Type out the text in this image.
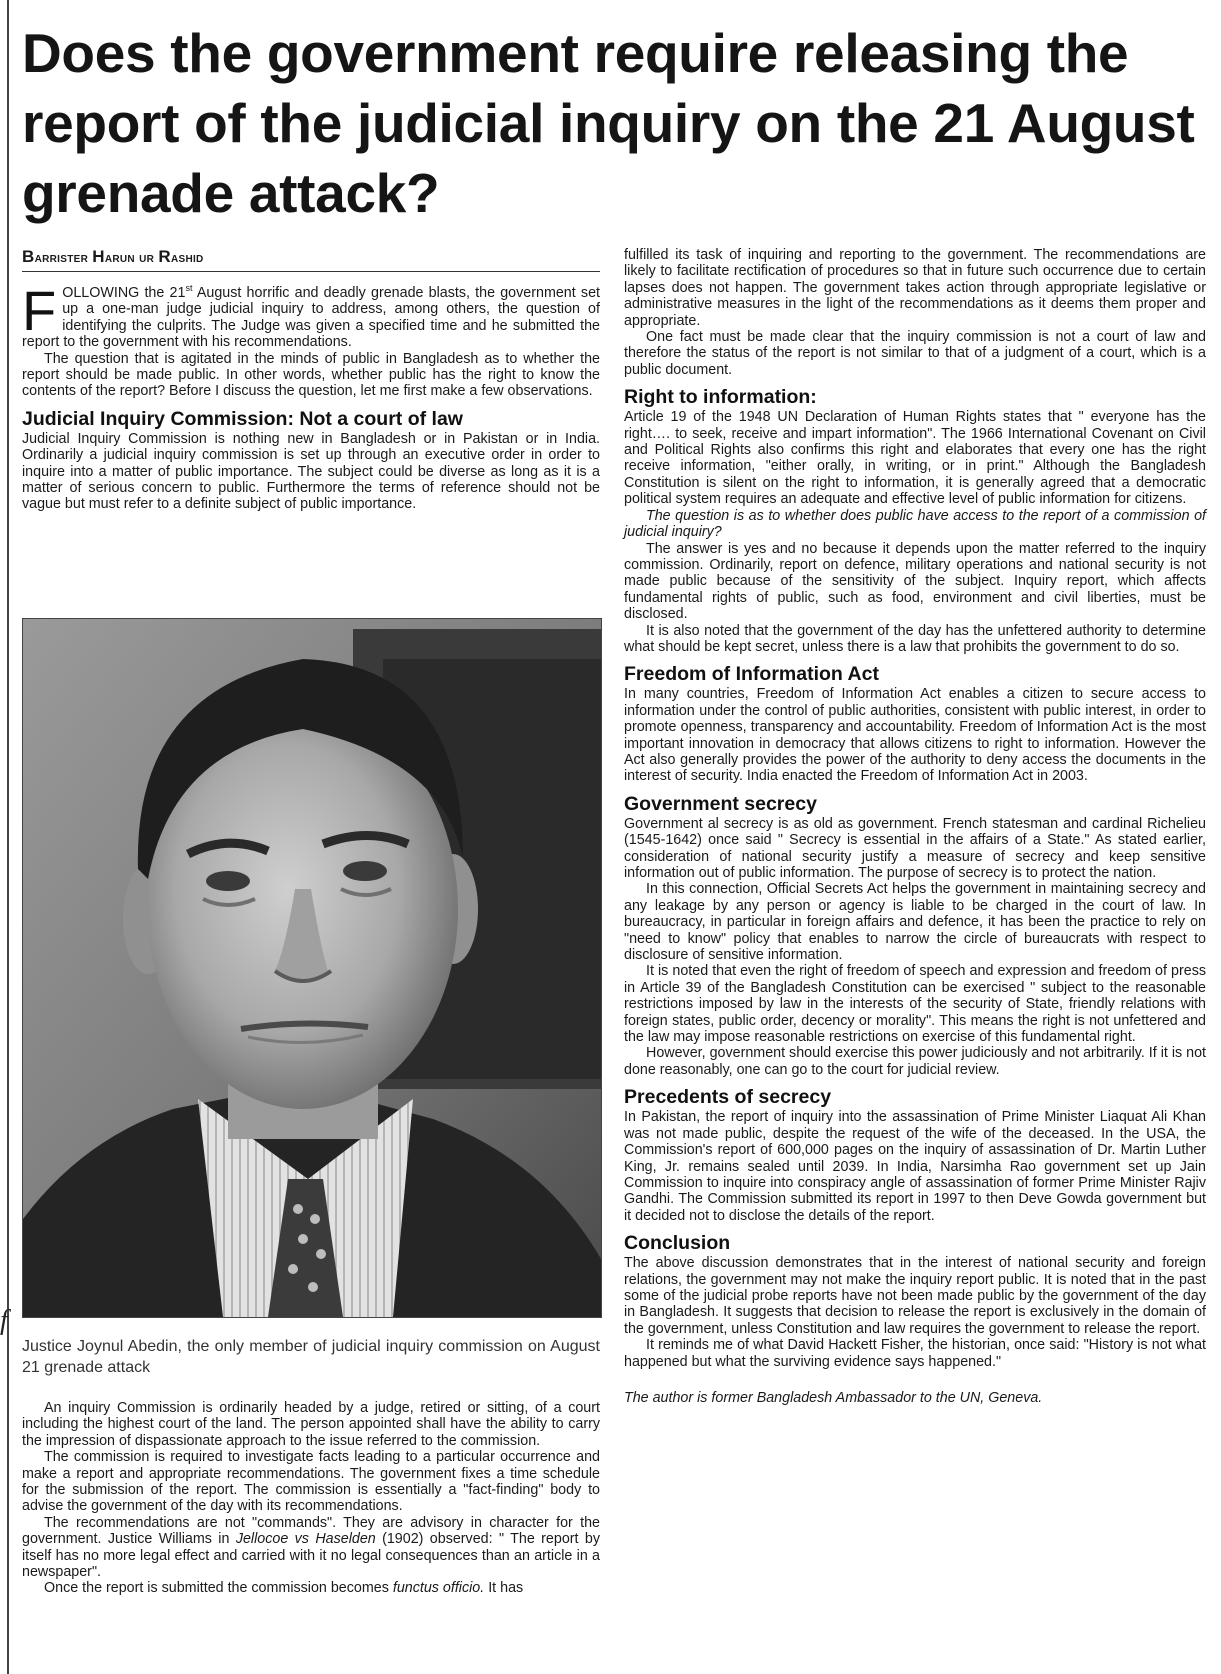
f
Does the government require releasing the report of the judicial inquiry on the 21 August grenade attack?
Barrister Harun ur Rashid

FOLLOWING the 21st August horrific and deadly grenade blasts, the government set up a one-man judge judicial inquiry to address, among others, the question of identifying the culprits. The Judge was given a specified time and he submitted the report to the government with his recommendations.

The question that is agitated in the minds of public in Bangladesh as to whether the report should be made public. In other words, whether public has the right to know the contents of the report? Before I discuss the question, let me first make a few observations.

Judicial Inquiry Commission: Not a court of law

Judicial Inquiry Commission is nothing new in Bangladesh or in Pakistan or in India. Ordinarily a judicial inquiry commission is set up through an executive order in order to inquire into a matter of public importance. The subject could be diverse as long as it is a matter of serious concern to public. Furthermore the terms of reference should not be vague but must refer to a definite subject of public importance.

Justice Joynul Abedin, the only member of judicial inquiry commission on August 21 grenade attack

An inquiry Commission is ordinarily headed by a judge, retired or sitting, of a court including the highest court of the land. The person appointed shall have the ability to carry the impression of dispassionate approach to the issue referred to the commission.

The commission is required to investigate facts leading to a particular occurrence and make a report and appropriate recommendations. The government fixes a time schedule for the submission of the report. The commission is essentially a "fact-finding" body to advise the government of the day with its recommendations.

The recommendations are not "commands". They are advisory in character for the government. Justice Williams in Jellocoe vs Haselden (1902) observed: " The report by itself has no more legal effect and carried with it no legal consequences than an article in a newspaper".

Once the report is submitted the commission becomes functus officio. It has

fulfilled its task of inquiring and reporting to the government. The recommendations are likely to facilitate rectification of procedures so that in future such occurrence due to certain lapses does not happen. The government takes action through appropriate legislative or administrative measures in the light of the recommendations as it deems them proper and appropriate.

One fact must be made clear that the inquiry commission is not a court of law and therefore the status of the report is not similar to that of a judgment of a court, which is a public document.

Right to information:

Article 19 of the 1948 UN Declaration of Human Rights states that " everyone has the right…. to seek, receive and impart information". The 1966 International Covenant on Civil and Political Rights also confirms this right and elaborates that every one has the right receive information, "either orally, in writing, or in print." Although the Bangladesh Constitution is silent on the right to information, it is generally agreed that a democratic political system requires an adequate and effective level of public information for citizens.

The question is as to whether does public have access to the report of a commission of judicial inquiry?

The answer is yes and no because it depends upon the matter referred to the inquiry commission. Ordinarily, report on defence, military operations and national security is not made public because of the sensitivity of the subject. Inquiry report, which affects fundamental rights of public, such as food, environment and civil liberties, must be disclosed.

It is also noted that the government of the day has the unfettered authority to determine what should be kept secret, unless there is a law that prohibits the government to do so.

Freedom of Information Act

In many countries, Freedom of Information Act enables a citizen to secure access to information under the control of public authorities, consistent with public interest, in order to promote openness, transparency and accountability. Freedom of Information Act is the most important innovation in democracy that allows citizens to right to information. However the Act also generally provides the power of the authority to deny access the documents in the interest of security. India enacted the Freedom of Information Act in 2003.

Government secrecy

Government al secrecy is as old as government. French statesman and cardinal Richelieu (1545-1642) once said " Secrecy is essential in the affairs of a State." As stated earlier, consideration of national security justify a measure of secrecy and keep sensitive information out of public information. The purpose of secrecy is to protect the nation.

In this connection, Official Secrets Act helps the government in maintaining secrecy and any leakage by any person or agency is liable to be charged in the court of law. In bureaucracy, in particular in foreign affairs and defence, it has been the practice to rely on "need to know" policy that enables to narrow the circle of bureaucrats with respect to disclosure of sensitive information.

It is noted that even the right of freedom of speech and expression and freedom of press in Article 39 of the Bangladesh Constitution can be exercised " subject to the reasonable restrictions imposed by law in the interests of the security of State, friendly relations with foreign states, public order, decency or morality". This means the right is not unfettered and the law may impose reasonable restrictions on exercise of this fundamental right.

However, government should exercise this power judiciously and not arbitrarily. If it is not done reasonably, one can go to the court for judicial review.

Precedents of secrecy

In Pakistan, the report of inquiry into the assassination of Prime Minister Liaquat Ali Khan was not made public, despite the request of the wife of the deceased. In the USA, the Commission's report of 600,000 pages on the inquiry of assassination of Dr. Martin Luther King, Jr. remains sealed until 2039. In India, Narsimha Rao government set up Jain Commission to inquire into conspiracy angle of assassination of former Prime Minister Rajiv Gandhi. The Commission submitted its report in 1997 to then Deve Gowda government but it decided not to disclose the details of the report.

Conclusion

The above discussion demonstrates that in the interest of national security and foreign relations, the government may not make the inquiry report public. It is noted that in the past some of the judicial probe reports have not been made public by the government of the day in Bangladesh. It suggests that decision to release the report is exclusively in the domain of the government, unless Constitution and law requires the government to release the report.

It reminds me of what David Hackett Fisher, the historian, once said: "History is not what happened but what the surviving evidence says happened."

The author is former Bangladesh Ambassador to the UN, Geneva.
